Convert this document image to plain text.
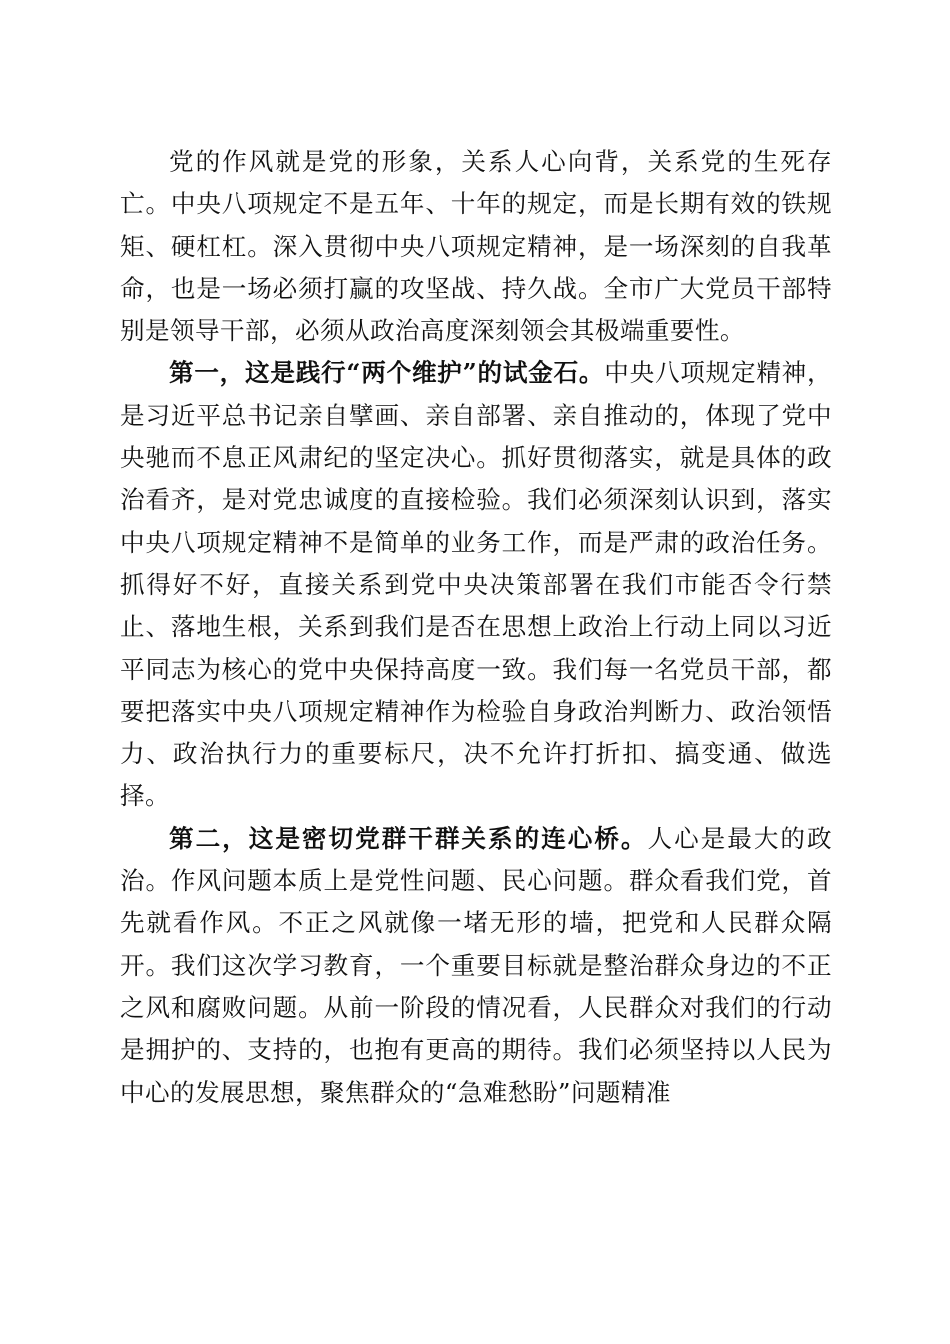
党的作风就是党的形象，关系人心向背，关系党的生死存亡。中央八项规定不是五年、十年的规定，而是长期有效的铁规矩、硬杠杠。深入贯彻中央八项规定精神，是一场深刻的自我革命，也是一场必须打赢的攻坚战、持久战。全市广大党员干部特别是领导干部，必须从政治高度深刻领会其极端重要性。

第一，这是践行“两个维护”的试金石。中央八项规定精神，是习近平总书记亲自擘画、亲自部署、亲自推动的，体现了党中央驰而不息正风肃纪的坚定决心。抓好贯彻落实，就是具体的政治看齐，是对党忠诚度的直接检验。我们必须深刻认识到，落实中央八项规定精神不是简单的业务工作，而是严肃的政治任务。抓得好不好，直接关系到党中央决策部署在我们市能否令行禁止、落地生根，关系到我们是否在思想上政治上行动上同以习近平同志为核心的党中央保持高度一致。我们每一名党员干部，都要把落实中央八项规定精神作为检验自身政治判断力、政治领悟力、政治执行力的重要标尺，决不允许打折扣、搞变通、做选择。

第二，这是密切党群干群关系的连心桥。人心是最大的政治。作风问题本质上是党性问题、民心问题。群众看我们党，首先就看作风。不正之风就像一堵无形的墙，把党和人民群众隔开。我们这次学习教育，一个重要目标就是整治群众身边的不正之风和腐败问题。从前一阶段的情况看，人民群众对我们的行动是拥护的、支持的，也抱有更高的期待。我们必须坚持以人民为中心的发展思想，聚焦群众的“急难愁盼”问题精准
